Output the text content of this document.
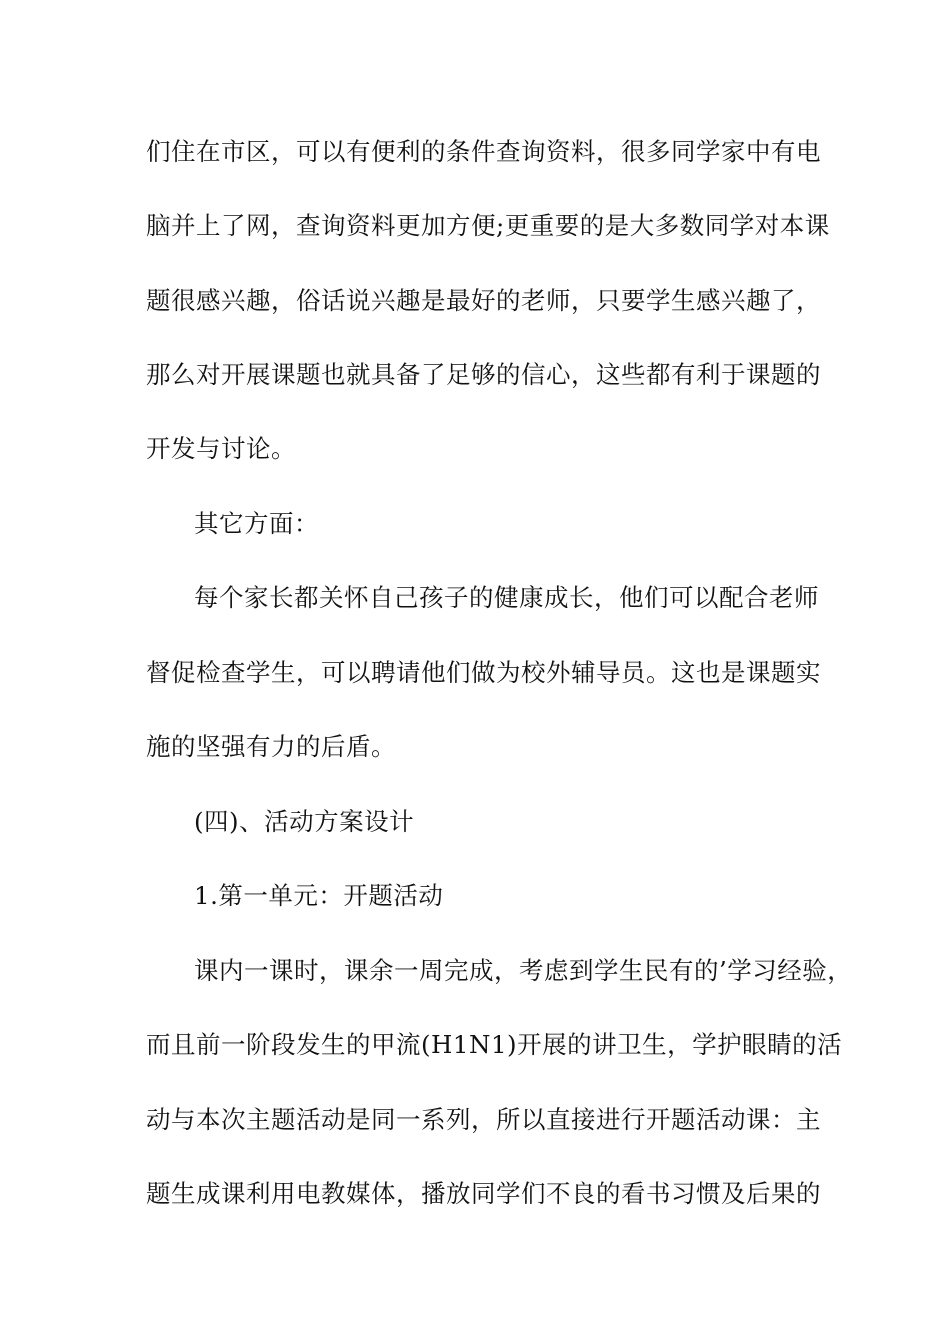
们住在市区，可以有便利的条件查询资料，很多同学家中有电
脑并上了网，查询资料更加方便;更重要的是大多数同学对本课
题很感兴趣，俗话说兴趣是最好的老师，只要学生感兴趣了，
那么对开展课题也就具备了足够的信心，这些都有利于课题的
开发与讨论。
其它方面：
每个家长都关怀自己孩子的健康成长，他们可以配合老师
督促检查学生，可以聘请他们做为校外辅导员。这也是课题实
施的坚强有力的后盾。
(四)、活动方案设计
1.第一单元：开题活动
课内一课时，课余一周完成，考虑到学生民有的’学习经验，
而且前一阶段发生的甲流(H1N1)开展的讲卫生，学护眼睛的活
动与本次主题活动是同一系列，所以直接进行开题活动课：主
题生成课利用电教媒体，播放同学们不良的看书习惯及后果的
